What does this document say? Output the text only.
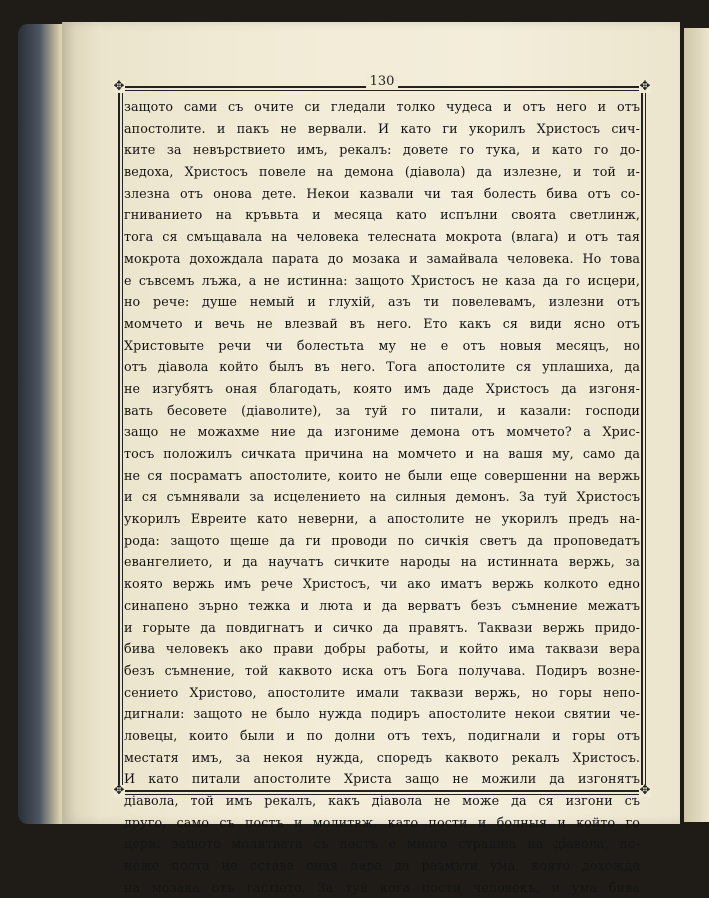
✥	✥
✥	✥
130
защото сами съ очите си гледали толко чудеса и отъ него и отъ
апостолите. и пакъ не вервали. И като ги укорилъ Христосъ сич-
ките за невърствието имъ, рекалъ: довете го тука, и като го до-
ведоха, Христосъ повеле на демона (дiавола) да излезне, и той и-
злезна отъ онова дете. Некои казвали чи тая болесть бива отъ со-
гниванието на кръвьта и месяца като испълни своята светлинж,
тога ся смъщавала на человека телесната мокрота (влага) и отъ тая
мокрота дохождала парата до мозака и замайвала человека. Но това
е съвсемъ лъжа, а не истинна: защото Христосъ не каза да го исцери,
но рече: душе немый и глухiй, азъ ти повелевамъ, излезни отъ
момчето и вечь не влезвай въ него. Ето какъ ся види ясно отъ
Христовыте речи чи болестьта му не е отъ новыя месяцъ, но
отъ дiавола който былъ въ него. Тога апостолите ся уплашиха, да
не изгубятъ оная благодать, която имъ даде Христосъ да изгоня-
вать бесовете (дiаволите), за туй го питали, и казали: господи
защо не можахме ние да изгониме демона отъ момчето? а Хрис-
тосъ положилъ сичката причина на момчето и на вашя му, само да
не ся посраматъ апостолите, които не были еще совершенни на вержь
и ся съмнявали за исцелението на силныя демонъ. За туй Христосъ
укорилъ Евреите като неверни, а апостолите не укорилъ предъ на-
рода: защото щеше да ги проводи по сичкiя светъ да проповедатъ
евангелието, и да научатъ сичките народы на истинната вержь, за
която вержь имъ рече Христосъ, чи ако иматъ вержь колкото едно
синапено зърно тежка и люта и да верватъ безъ съмнение межатъ
и горыте да повдигнатъ и сичко да правятъ. Таквази вержь придо-
бива человекъ ако прави добры работы, и който има таквази вера
безъ съмнение, той каквото иска отъ Бога получава. Подиръ возне-
сението Христово, апостолите имали таквази вержь, но горы непо-
дигнали: защото не было нужда подиръ апостолите некои святии че-
ловецы, които были и по долни отъ техъ, подигнали и горы отъ
местатя имъ, за некоя нужда, споредъ каквото рекалъ Христосъ.
И като питали апостолите Христа защо не можили да изгонятъ
дiавола, той имъ рекалъ, какъ дiавола не може да ся изгони съ
друго, само съ постъ и молитвж, като пости и болныя и който го
цери: защото молитвата съ постъ е много страшна на дiавола, по-
неже поста не остава оная пара да размъти ума, която дохожда
на мозака отъ гастiето. За туй кога пости человекъ, и ума бива
